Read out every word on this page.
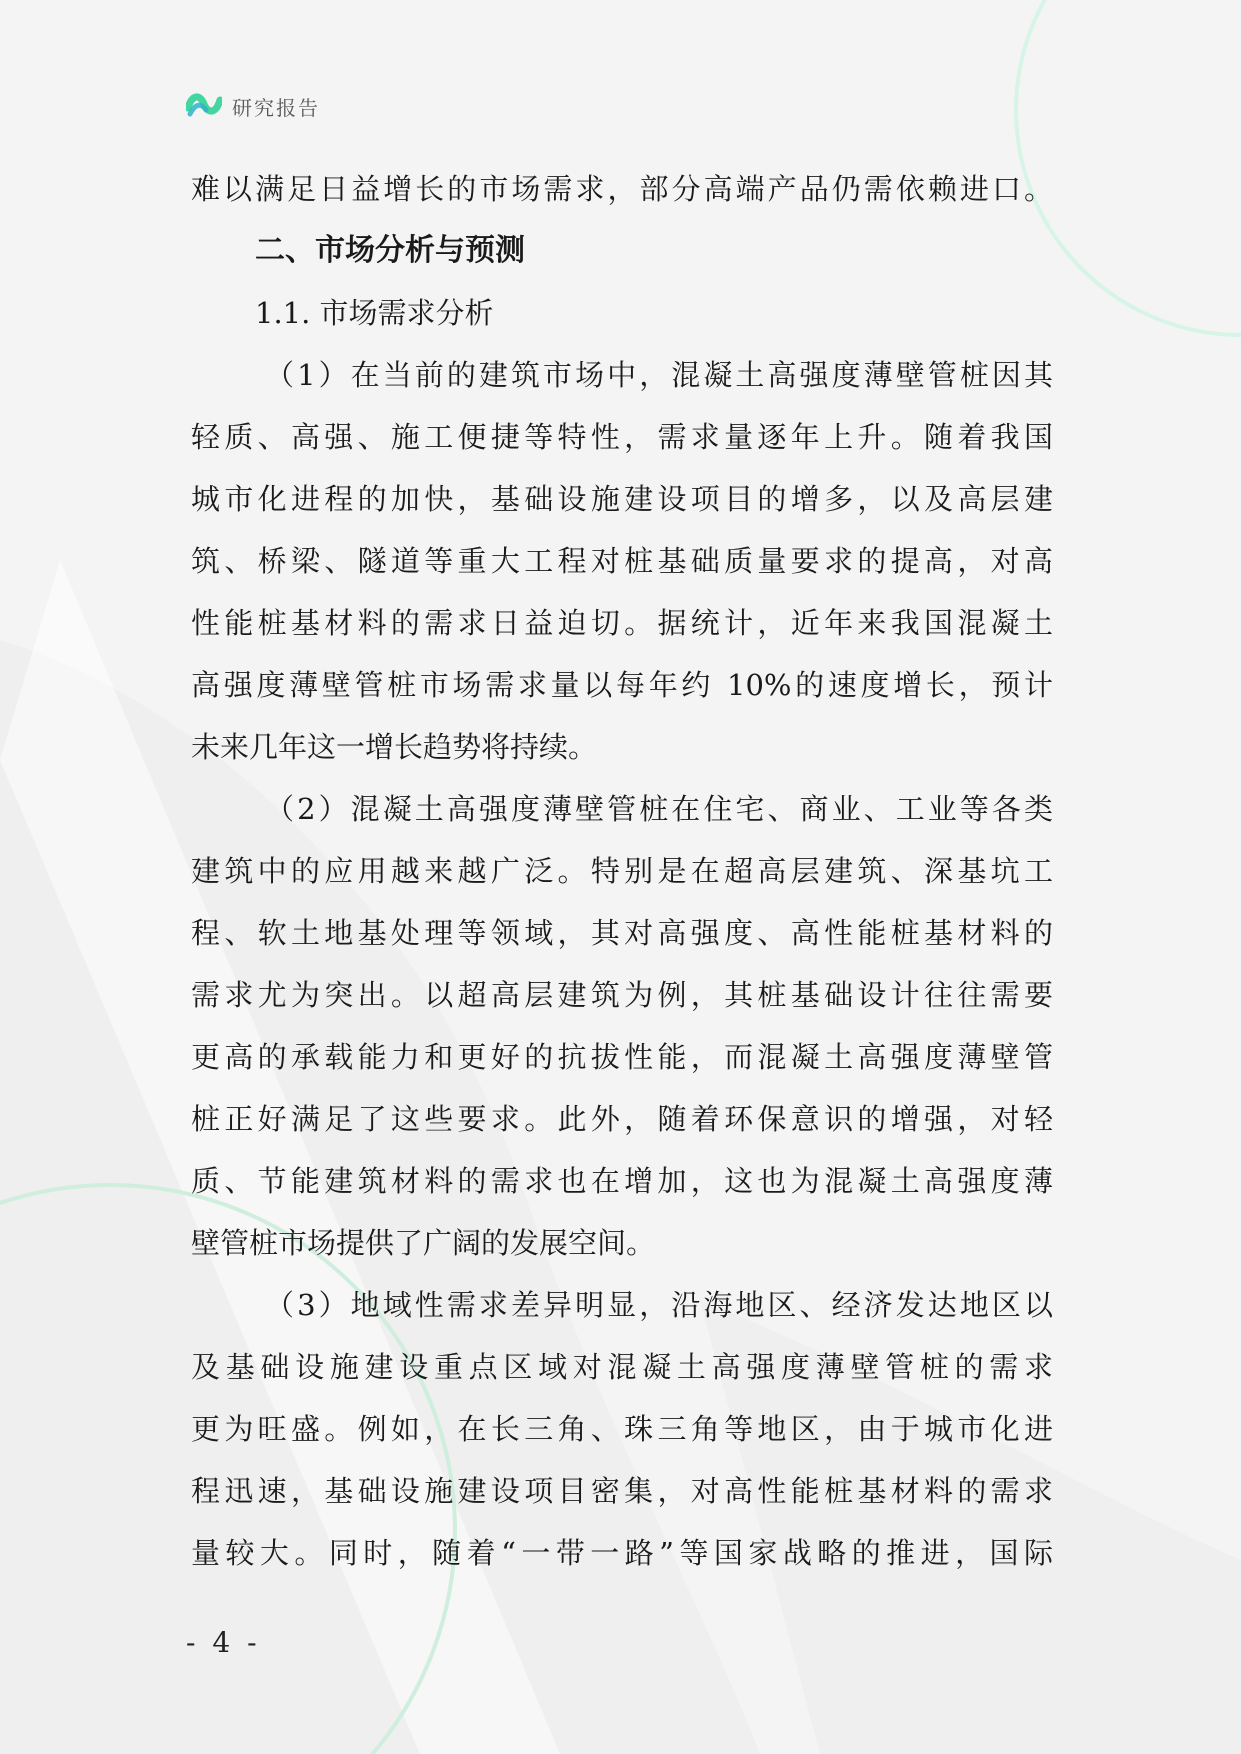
研究报告
难以满足日益增长的市场需求，部分高端产品仍需依赖进口。
二、市场分析与预测
1.1. 市场需求分析
（1）在当前的建筑市场中，混凝土高强度薄壁管桩因其
轻质、高强、施工便捷等特性，需求量逐年上升。随着我国
城市化进程的加快，基础设施建设项目的增多，以及高层建
筑、桥梁、隧道等重大工程对桩基础质量要求的提高，对高
性能桩基材料的需求日益迫切。据统计，近年来我国混凝土
高强度薄壁管桩市场需求量以每年约 10%的速度增长，预计
未来几年这一增长趋势将持续。
（2）混凝土高强度薄壁管桩在住宅、商业、工业等各类
建筑中的应用越来越广泛。特别是在超高层建筑、深基坑工
程、软土地基处理等领域，其对高强度、高性能桩基材料的
需求尤为突出。以超高层建筑为例，其桩基础设计往往需要
更高的承载能力和更好的抗拔性能，而混凝土高强度薄壁管
桩正好满足了这些要求。此外，随着环保意识的增强，对轻
质、节能建筑材料的需求也在增加，这也为混凝土高强度薄
壁管桩市场提供了广阔的发展空间。
（3）地域性需求差异明显，沿海地区、经济发达地区以
及基础设施建设重点区域对混凝土高强度薄壁管桩的需求
更为旺盛。例如，在长三角、珠三角等地区，由于城市化进
程迅速，基础设施建设项目密集，对高性能桩基材料的需求
量较大。同时，随着“一带一路”等国家战略的推进，国际
- 4 -
